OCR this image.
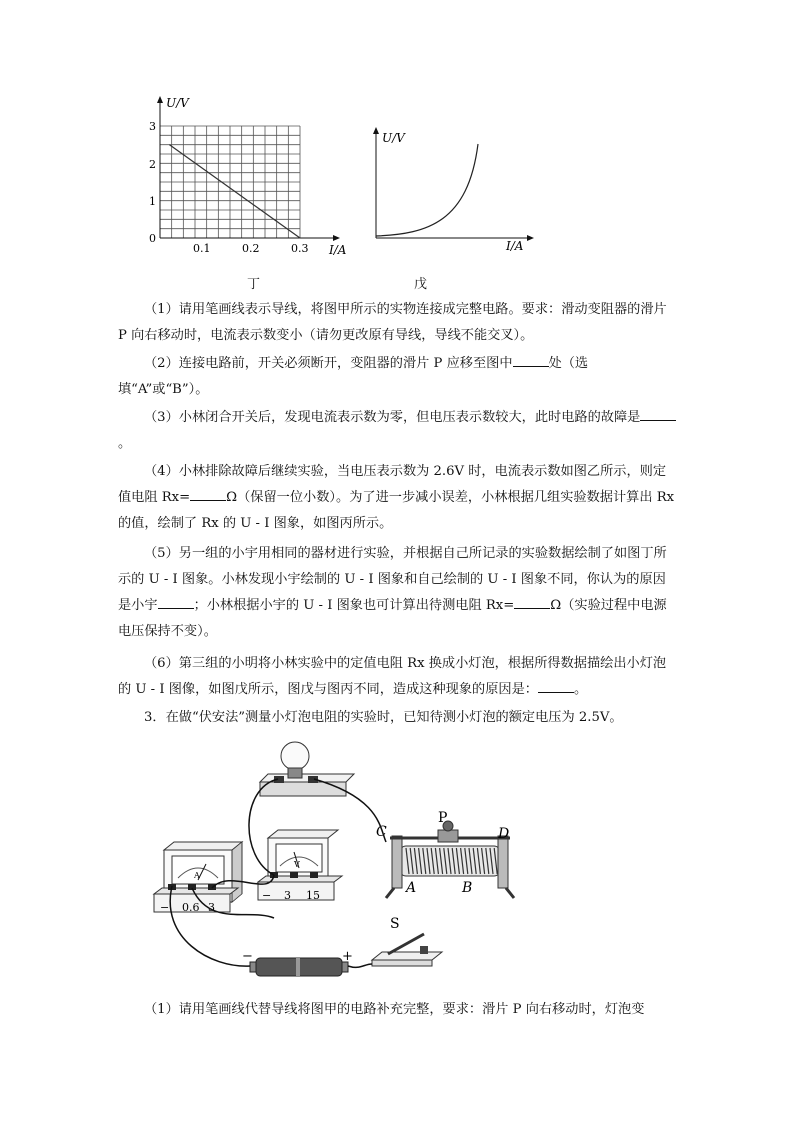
U/V
I/A
0
1
2
3
0.1	0.2	0.3
丁
U/V
I/A
戊

（1）请用笔画线表示导线，将图甲所示的实物连接成完整电路。要求：滑动变阻器的滑片 P 向右移动时，电流表示数变小（请勿更改原有导线，导线不能交叉）。

（2）连接电路前，开关必须断开，变阻器的滑片 P 应移至图中	处（选填“A”或“B”）。

（3）小林闭合开关后，发现电流表示数为零，但电压表示数较大，此时电路的故障是。

（4）小林排除故障后继续实验，当电压表示数为 2.6V 时，电流表示数如图乙所示，则定值电阻 Rx=	Ω（保留一位小数）。为了进一步减小误差，小林根据几组实验数据计算出 Rx 的值，绘制了 Rx 的 U - I 图象，如图丙所示。

（5）另一组的小宇用相同的器材进行实验，并根据自己所记录的实验数据绘制了如图丁所示的 U - I 图象。小林发现小宇绘制的 U - I 图象和自己绘制的 U - I 图象不同，你认为的原因是小宇	；小林根据小宇的 U - I 图象也可计算出待测电阻 Rx=	Ω（实验过程中电源电压保持不变）。

（6）第三组的小明将小林实验中的定值电阻 Rx 换成小灯泡，根据所得数据描绘出小灯泡的 U - I 图像，如图戊所示，图戊与图丙不同，造成这种现象的原因是：	。

3．在做“伏安法”测量小灯泡电阻的实验时，已知待测小灯泡的额定电压为 2.5V。

A
− 0.6 3
V
− 3 15
C	D
P
A	B
−	+
S

（1）请用笔画线代替导线将图甲的电路补充完整，要求：滑片 P 向右移动时，灯泡变
